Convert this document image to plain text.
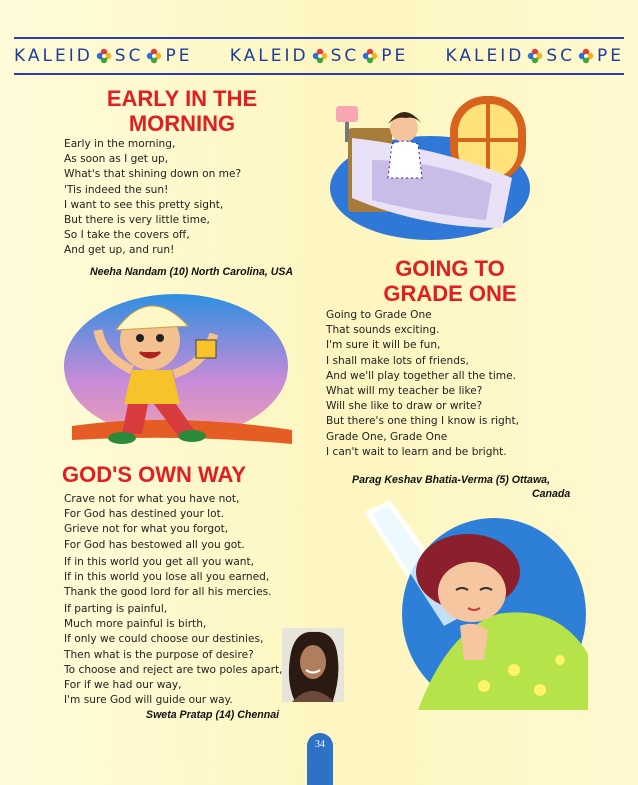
KALEID SC PE KALEID SC PE KALEID SC PE
EARLY IN THE
MORNING
Early in the morning,
As soon as I get up,
What's that shining down on me?
'Tis indeed the sun!
I want to see this pretty sight,
But there is very little time,
So I take the covers off,
And get up, and run!
Neeha Nandam (10) North Carolina, USA	GOING TO
GRADE ONE
Going to Grade One
That sounds exciting.
I'm sure it will be fun,
I shall make lots of friends,
And we'll play together all the time.
What will my teacher be like?
Will she like to draw or write?
But there's one thing I know is right,
Grade One, Grade One
I can't wait to learn and be bright.
Parag Keshav Bhatia-Verma (5) Ottawa,
Canada
GOD'S OWN WAY
Crave not for what you have not,
For God has destined your lot.
Grieve not for what you forgot,
For God has bestowed all you got.
If in this world you get all you want,
If in this world you lose all you earned,
Thank the good lord for all his mercies.
If parting is painful,
Much more painful is birth,
If only we could choose our destinies,
Then what is the purpose of desire?
To choose and reject are two poles apart,
For if we had our way,
I'm sure God will guide our way.
Sweta Pratap (14) Chennai
34
